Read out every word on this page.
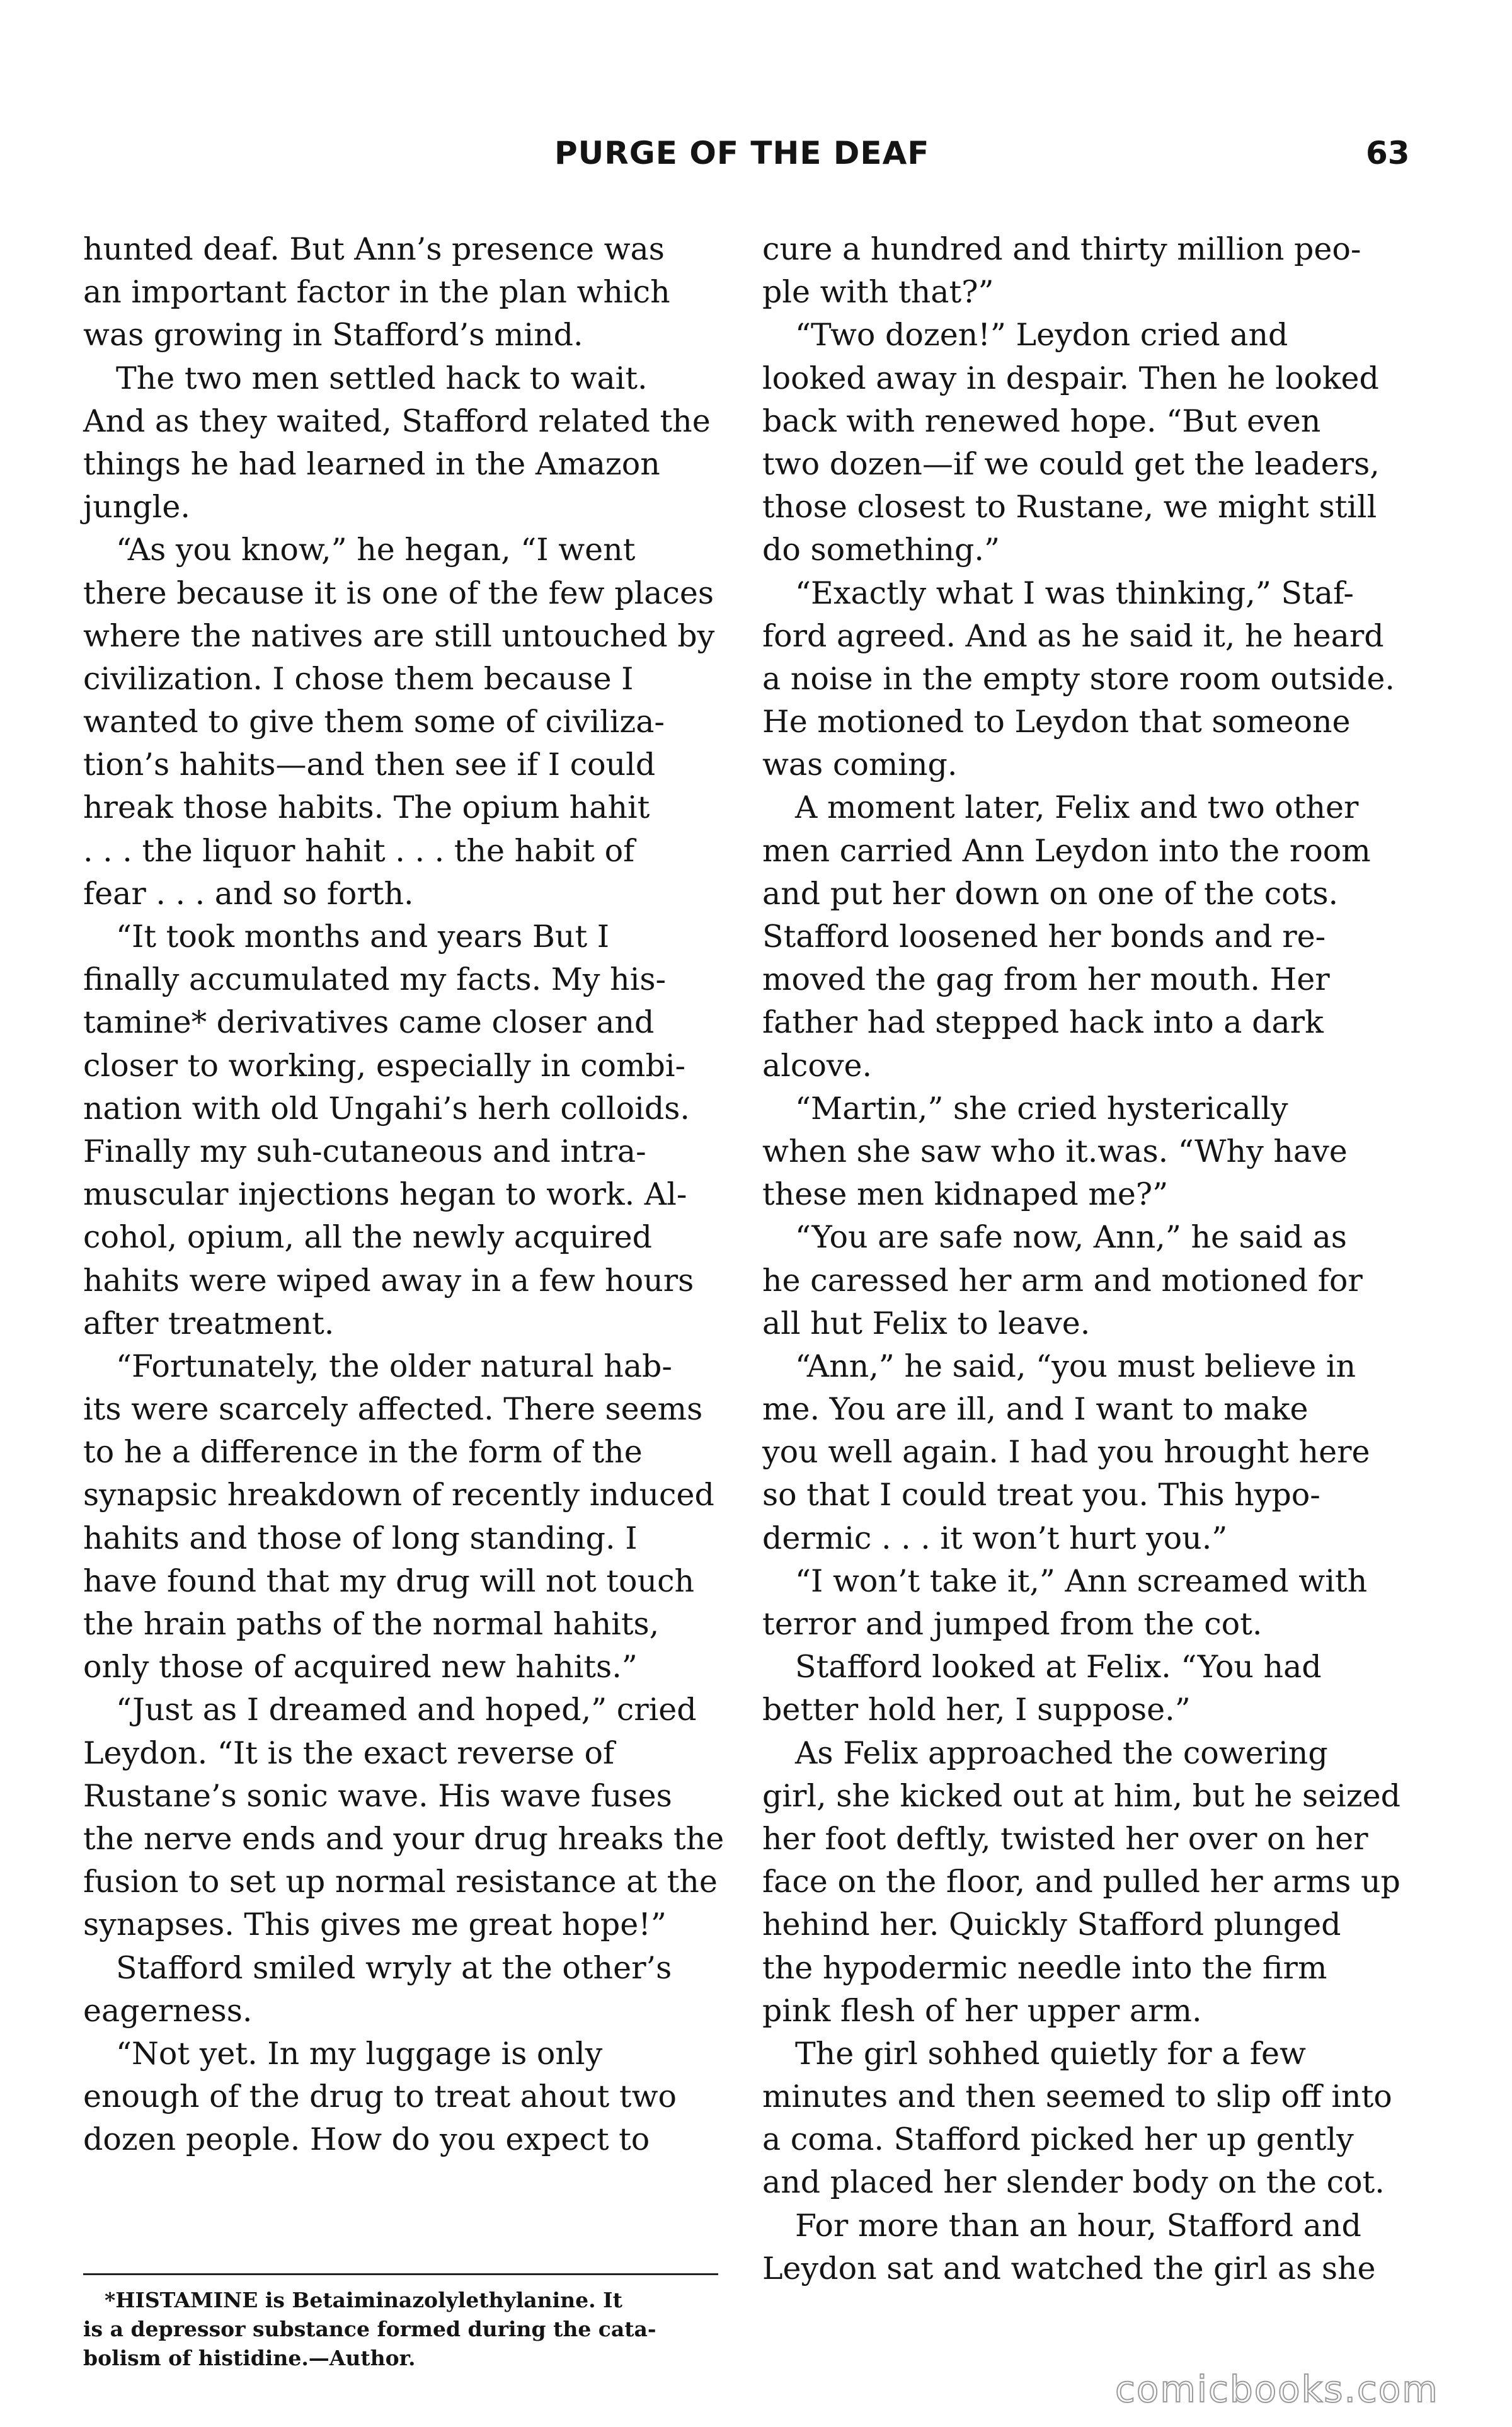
PURGE OF THE DEAF	63
hunted deaf. But Ann’s presence was
an important factor in the plan which
was growing in Stafford’s mind.
The two men settled hack to wait.
And as they waited, Stafford related the
things he had learned in the Amazon
jungle.
“As you know,” he hegan, “I went
there because it is one of the few places
where the natives are still untouched by
civilization. I chose them because I
wanted to give them some of civiliza-
tion’s hahits—and then see if I could
hreak those habits. The opium hahit
. . . the liquor hahit . . . the habit of
fear . . . and so forth.
“It took months and years But I
finally accumulated my facts. My his-
tamine* derivatives came closer and
closer to working, especially in combi-
nation with old Ungahi’s herh colloids.
Finally my suh-cutaneous and intra-
muscular injections hegan to work. Al-
cohol, opium, all the newly acquired
hahits were wiped away in a few hours
after treatment.
“Fortunately, the older natural hab-
its were scarcely affected. There seems
to he a difference in the form of the
synapsic hreakdown of recently induced
hahits and those of long standing. I
have found that my drug will not touch
the hrain paths of the normal hahits,
only those of acquired new hahits.”
“Just as I dreamed and hoped,” cried
Leydon. “It is the exact reverse of
Rustane’s sonic wave. His wave fuses
the nerve ends and your drug hreaks the
fusion to set up normal resistance at the
synapses. This gives me great hope!”
Stafford smiled wryly at the other’s
eagerness.
“Not yet. In my luggage is only
enough of the drug to treat ahout two
dozen people. How do you expect to
cure a hundred and thirty million peo-
ple with that?”
“Two dozen!” Leydon cried and
looked away in despair. Then he looked
back with renewed hope. “But even
two dozen—if we could get the leaders,
those closest to Rustane, we might still
do something.”
“Exactly what I was thinking,” Staf-
ford agreed. And as he said it, he heard
a noise in the empty store room outside.
He motioned to Leydon that someone
was coming.
A moment later, Felix and two other
men carried Ann Leydon into the room
and put her down on one of the cots.
Stafford loosened her bonds and re-
moved the gag from her mouth. Her
father had stepped hack into a dark
alcove.
“Martin,” she cried hysterically
when she saw who it.was. “Why have
these men kidnaped me?”
“You are safe now, Ann,” he said as
he caressed her arm and motioned for
all hut Felix to leave.
“Ann,” he said, “you must believe in
me. You are ill, and I want to make
you well again. I had you hrought here
so that I could treat you. This hypo-
dermic . . . it won’t hurt you.”
“I won’t take it,” Ann screamed with
terror and jumped from the cot.
Stafford looked at Felix. “You had
better hold her, I suppose.”
As Felix approached the cowering
girl, she kicked out at him, but he seized
her foot deftly, twisted her over on her
face on the floor, and pulled her arms up
hehind her. Quickly Stafford plunged
the hypodermic needle into the firm
pink flesh of her upper arm.
The girl sohhed quietly for a few
minutes and then seemed to slip off into
a coma. Stafford picked her up gently
and placed her slender body on the cot.
For more than an hour, Stafford and
Leydon sat and watched the girl as she
*HISTAMINE is Betaiminazolylethylanine. It
is a depressor substance formed during the cata-
bolism of histidine.—Author.
comicbooks.com
